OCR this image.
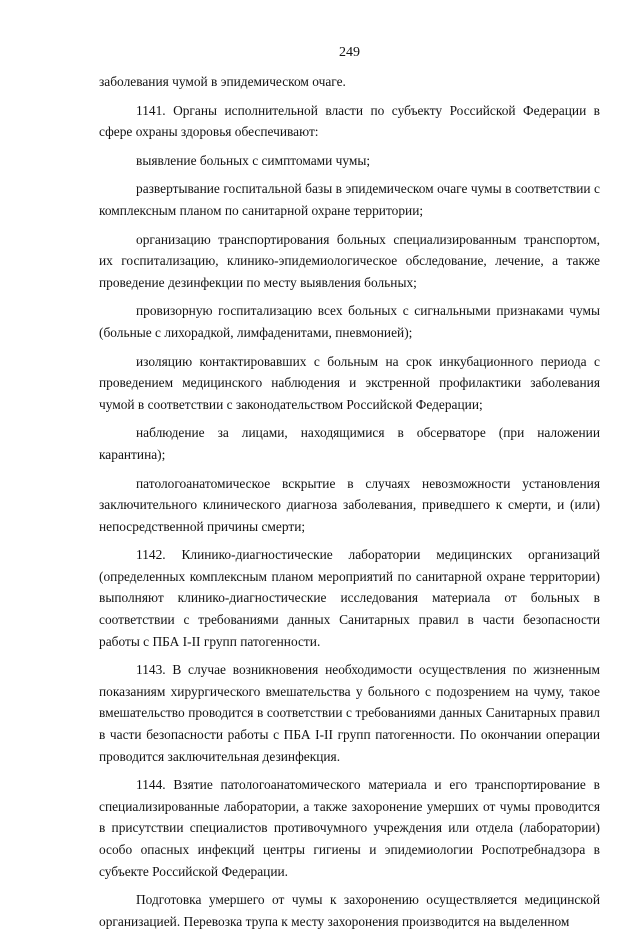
249

заболевания чумой в эпидемическом очаге.

1141. Органы исполнительной власти по субъекту Российской Федерации в сфере охраны здоровья обеспечивают:

выявление больных с симптомами чумы;

развертывание госпитальной базы в эпидемическом очаге чумы в соответствии с комплексным планом по санитарной охране территории;

организацию транспортирования больных специализированным транспортом, их госпитализацию, клинико-эпидемиологическое обследование, лечение, а также проведение дезинфекции по месту выявления больных;

провизорную госпитализацию всех больных с сигнальными признаками чумы (больные с лихорадкой, лимфаденитами, пневмонией);

изоляцию контактировавших с больным на срок инкубационного периода с проведением медицинского наблюдения и экстренной профилактики заболевания чумой в соответствии с законодательством Российской Федерации;

наблюдение за лицами, находящимися в обсерваторе (при наложении карантина);

патологоанатомическое вскрытие в случаях невозможности установления заключительного клинического диагноза заболевания, приведшего к смерти, и (или) непосредственной причины смерти;

1142. Клинико-диагностические лаборатории медицинских организаций (определенных комплексным планом мероприятий по санитарной охране территории) выполняют клинико-диагностические исследования материала от больных в соответствии с требованиями данных Санитарных правил в части безопасности работы с ПБА I-II групп патогенности.

1143. В случае возникновения необходимости осуществления по жизненным показаниям хирургического вмешательства у больного с подозрением на чуму, такое вмешательство проводится в соответствии с требованиями данных Санитарных правил в части безопасности работы с ПБА I-II групп патогенности. По окончании операции проводится заключительная дезинфекция.

1144. Взятие патологоанатомического материала и его транспортирование в специализированные лаборатории, а также захоронение умерших от чумы проводится в присутствии специалистов противочумного учреждения или отдела (лаборатории) особо опасных инфекций центры гигиены и эпидемиологии Роспотребнадзора в субъекте Российской Федерации.

Подготовка умершего от чумы к захоронению осуществляется медицинской организацией. Перевозка трупа к месту захоронения производится на выделенном
